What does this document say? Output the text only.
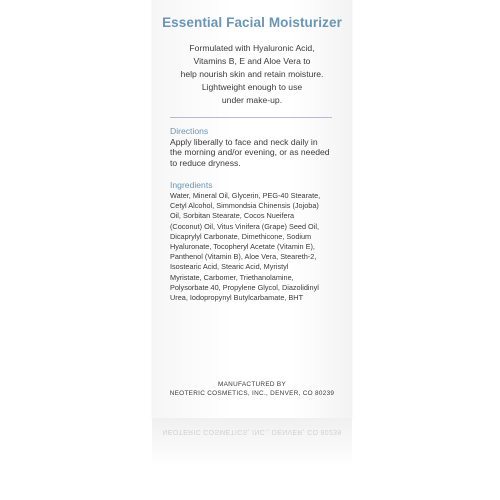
Essential Facial Moisturizer
Formulated with Hyaluronic Acid,
Vitamins B, E and Aloe Vera to
help nourish skin and retain moisture.
Lightweight enough to use
under make-up.
Directions
Apply liberally to face and neck daily in
the morning and/or evening, or as needed
to reduce dryness.
Ingredients
Water, Mineral Oil, Glycerin, PEG-40 Stearate,
Cetyl Alcohol, Simmondsia Chinensis (Jojoba)
Oil, Sorbitan Stearate, Cocos Nueifera
(Coconut) Oil, Vitus Vinifera (Grape) Seed Oil,
Dicaprylyl Carbonate, Dimethicone, Sodium
Hyaluronate, Tocopheryl Acetate (Vitamin E),
Panthenol (Vitamin B), Aloe Vera, Steareth-2,
Isostearic Acid, Stearic Acid, Myristyl
Myristate, Carbomer, Triethanolamine,
Polysorbate 40, Propylene Glycol, Diazolidinyl
Urea, Iodopropynyl Butylcarbamate, BHT
MANUFACTURED BY
NEOTERIC COSMETICS, INC., DENVER, CO 80239
NEOTERIC COSMETICS, INC., DENVER, CO 80239
